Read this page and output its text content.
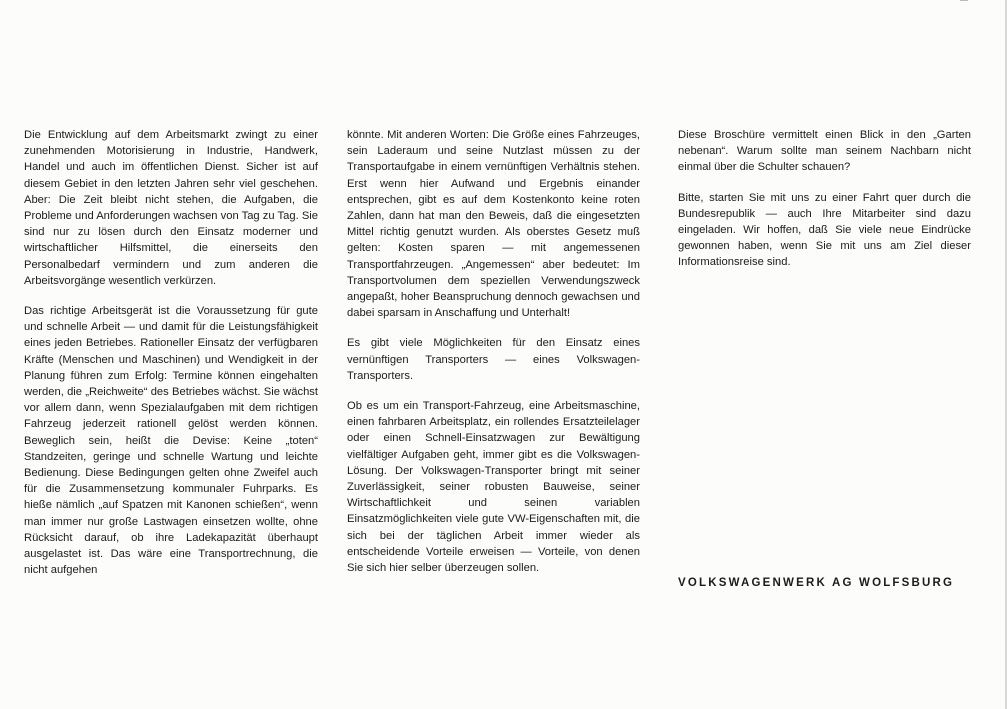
Die Entwicklung auf dem Arbeitsmarkt zwingt zu einer zunehmenden Motorisierung in Industrie, Handwerk, Handel und auch im öffentlichen Dienst. Sicher ist auf diesem Gebiet in den letzten Jahren sehr viel geschehen. Aber: Die Zeit bleibt nicht stehen, die Aufgaben, die Probleme und Anforderungen wachsen von Tag zu Tag. Sie sind nur zu lösen durch den Einsatz moderner und wirtschaftlicher Hilfsmittel, die einerseits den Personalbedarf vermindern und zum anderen die Arbeitsvorgänge wesentlich verkürzen.

Das richtige Arbeitsgerät ist die Voraussetzung für gute und schnelle Arbeit — und damit für die Leistungsfähigkeit eines jeden Betriebes. Rationeller Einsatz der verfügbaren Kräfte (Menschen und Maschinen) und Wendigkeit in der Planung führen zum Erfolg: Termine können eingehalten werden, die „Reichweite“ des Betriebes wächst. Sie wächst vor allem dann, wenn Spezialaufgaben mit dem richtigen Fahrzeug jederzeit rationell gelöst werden können. Beweglich sein, heißt die Devise: Keine „toten“ Standzeiten, geringe und schnelle Wartung und leichte Bedienung. Diese Bedingungen gelten ohne Zweifel auch für die Zusammensetzung kommunaler Fuhrparks. Es hieße nämlich „auf Spatzen mit Kanonen schießen“, wenn man immer nur große Lastwagen einsetzen wollte, ohne Rücksicht darauf, ob ihre Ladekapazität überhaupt ausgelastet ist. Das wäre eine Transportrechnung, die nicht aufgehen

könnte. Mit anderen Worten: Die Größe eines Fahrzeuges, sein Laderaum und seine Nutzlast müssen zu der Transportaufgabe in einem vernünftigen Verhältnis stehen. Erst wenn hier Aufwand und Ergebnis einander entsprechen, gibt es auf dem Kostenkonto keine roten Zahlen, dann hat man den Beweis, daß die eingesetzten Mittel richtig genutzt wurden. Als oberstes Gesetz muß gelten: Kosten sparen — mit angemessenen Transportfahrzeugen. „Angemessen“ aber bedeutet: Im Transportvolumen dem speziellen Verwendungszweck angepaßt, hoher Beanspruchung dennoch gewachsen und dabei sparsam in Anschaffung und Unterhalt!

Es gibt viele Möglichkeiten für den Einsatz eines vernünftigen Transporters — eines Volkswagen-Transporters.

Ob es um ein Transport-Fahrzeug, eine Arbeitsmaschine, einen fahrbaren Arbeitsplatz, ein rollendes Ersatzteilelager oder einen Schnell-Einsatzwagen zur Bewältigung vielfältiger Aufgaben geht, immer gibt es die Volkswagen-Lösung. Der Volkswagen-Transporter bringt mit seiner Zuverlässigkeit, seiner robusten Bauweise, seiner Wirtschaftlichkeit und seinen variablen Einsatzmöglichkeiten viele gute VW-Eigenschaften mit, die sich bei der täglichen Arbeit immer wieder als entscheidende Vorteile erweisen — Vorteile, von denen Sie sich hier selber überzeugen sollen.

Diese Broschüre vermittelt einen Blick in den „Garten nebenan“. Warum sollte man seinem Nachbarn nicht einmal über die Schulter schauen?

Bitte, starten Sie mit uns zu einer Fahrt quer durch die Bundesrepublik — auch Ihre Mitarbeiter sind dazu eingeladen. Wir hoffen, daß Sie viele neue Eindrücke gewonnen haben, wenn Sie mit uns am Ziel dieser Informationsreise sind.

VOLKSWAGENWERK AG WOLFSBURG
